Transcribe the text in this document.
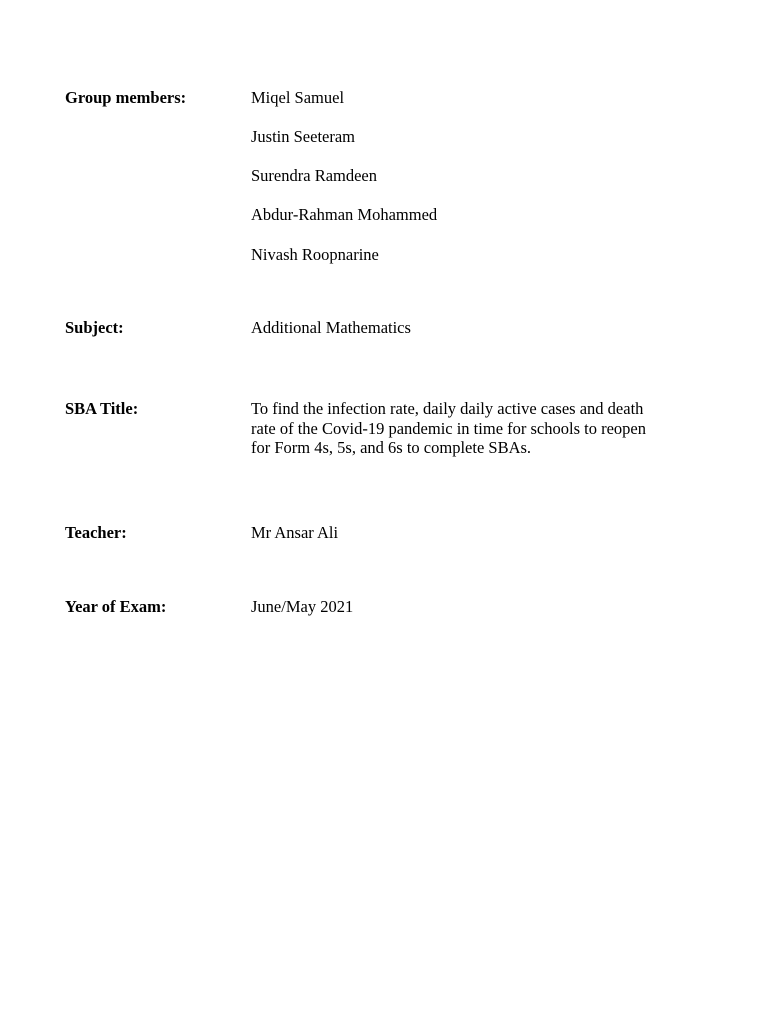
Group members:	Miqel Samuel
Justin Seeteram
Surendra Ramdeen
Abdur-Rahman Mohammed
Nivash Roopnarine
Subject:	Additional Mathematics
SBA Title:	To find the infection rate, daily daily active cases and death rate of the Covid-19 pandemic in time for schools to reopen for Form 4s, 5s, and 6s to complete SBAs.
Teacher:	Mr Ansar Ali
Year of Exam:	June/May 2021
